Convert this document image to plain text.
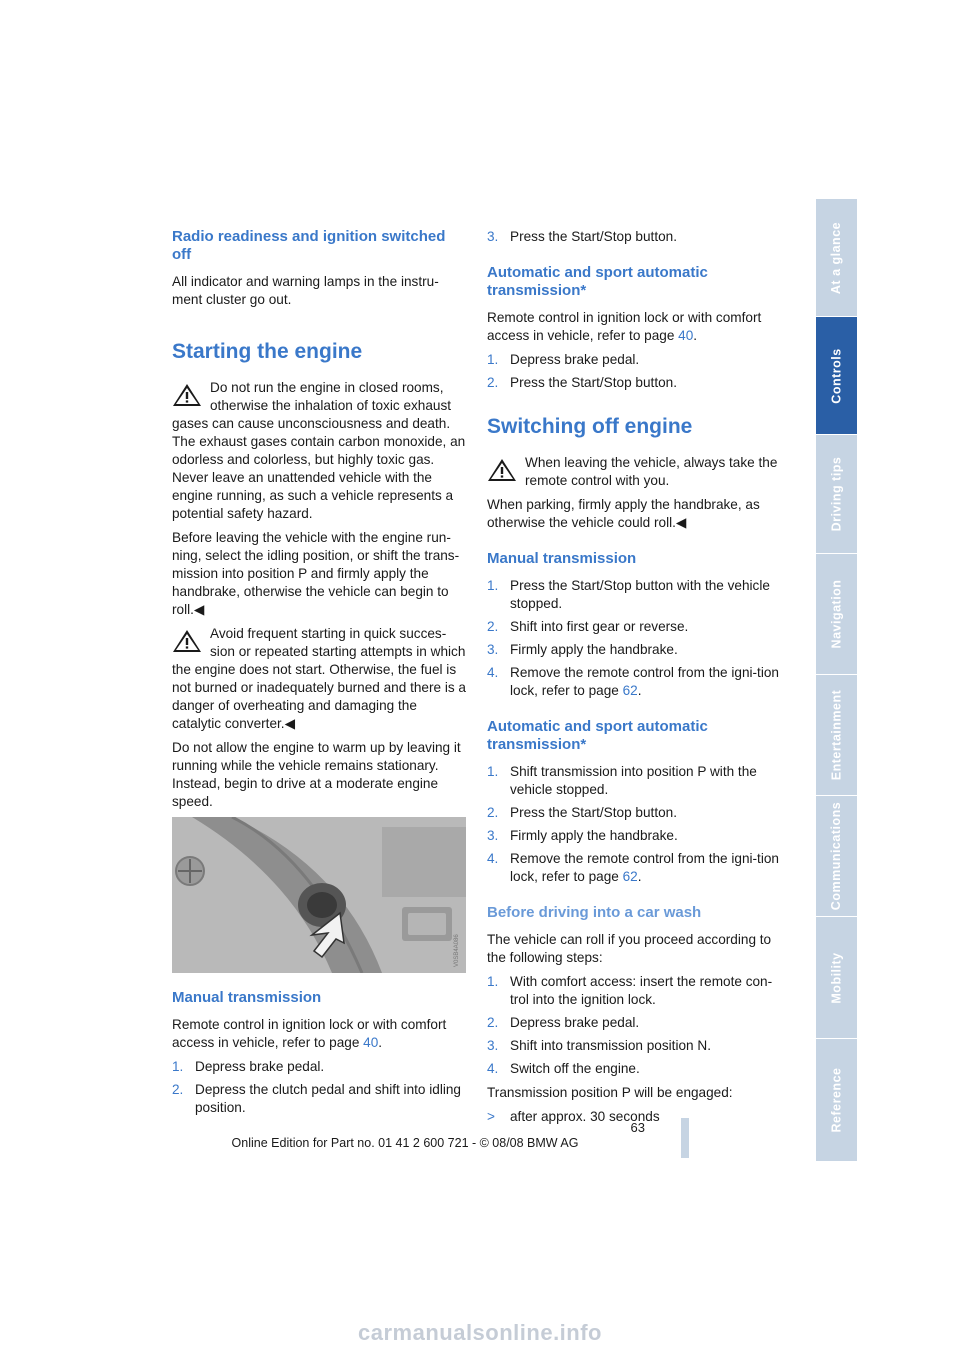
Radio readiness and ignition switched off

All indicator and warning lamps in the instru-ment cluster go out.

Starting the engine
Do not run the engine in closed rooms, otherwise the inhalation of toxic exhaust gases can cause unconsciousness and death. The exhaust gases contain carbon monoxide, an odorless and colorless, but highly toxic gas. Never leave an unattended vehicle with the engine running, as such a vehicle represents a potential safety hazard.

Before leaving the vehicle with the engine run-ning, select the idling position, or shift the trans-mission into position P and firmly apply the handbrake, otherwise the vehicle can begin to roll.◀

Avoid frequent starting in quick succes-sion or repeated starting attempts in which the engine does not start. Otherwise, the fuel is not burned or inadequately burned and there is a danger of overheating and damaging the catalytic converter.◀

Do not allow the engine to warm up by leaving it running while the vehicle remains stationary. Instead, begin to drive at a moderate engine speed.

V0SB4A086
Manual transmission

Remote control in ignition lock or with comfort access in vehicle, refer to page 40.

1. Depress brake pedal.
2. Depress the clutch pedal and shift into idling position.
3. Press the Start/Stop button.
Automatic and sport automatic transmission*

Remote control in ignition lock or with comfort access in vehicle, refer to page 40.

1. Depress brake pedal.
2. Press the Start/Stop button.
Switching off engine
When leaving the vehicle, always take the remote control with you.

When parking, firmly apply the handbrake, as otherwise the vehicle could roll.◀

Manual transmission
1. Press the Start/Stop button with the vehicle stopped.
2. Shift into first gear or reverse.
3. Firmly apply the handbrake.
4. Remove the remote control from the igni-tion lock, refer to page 62.
Automatic and sport automatic transmission*
1. Shift transmission into position P with the vehicle stopped.
2. Press the Start/Stop button.
3. Firmly apply the handbrake.
4. Remove the remote control from the igni-tion lock, refer to page 62.
Before driving into a car wash

The vehicle can roll if you proceed according to the following steps:

1. With comfort access: insert the remote con-trol into the ignition lock.
2. Depress brake pedal.
3. Shift into transmission position N.
4. Switch off the engine.

Transmission position P will be engaged:

> after approx. 30 seconds
At a glance
Controls
Driving tips
Navigation
Entertainment
Communications
Mobility
Reference
63
Online Edition for Part no. 01 41 2 600 721 - © 08/08 BMW AG
carmanualsonline.info
